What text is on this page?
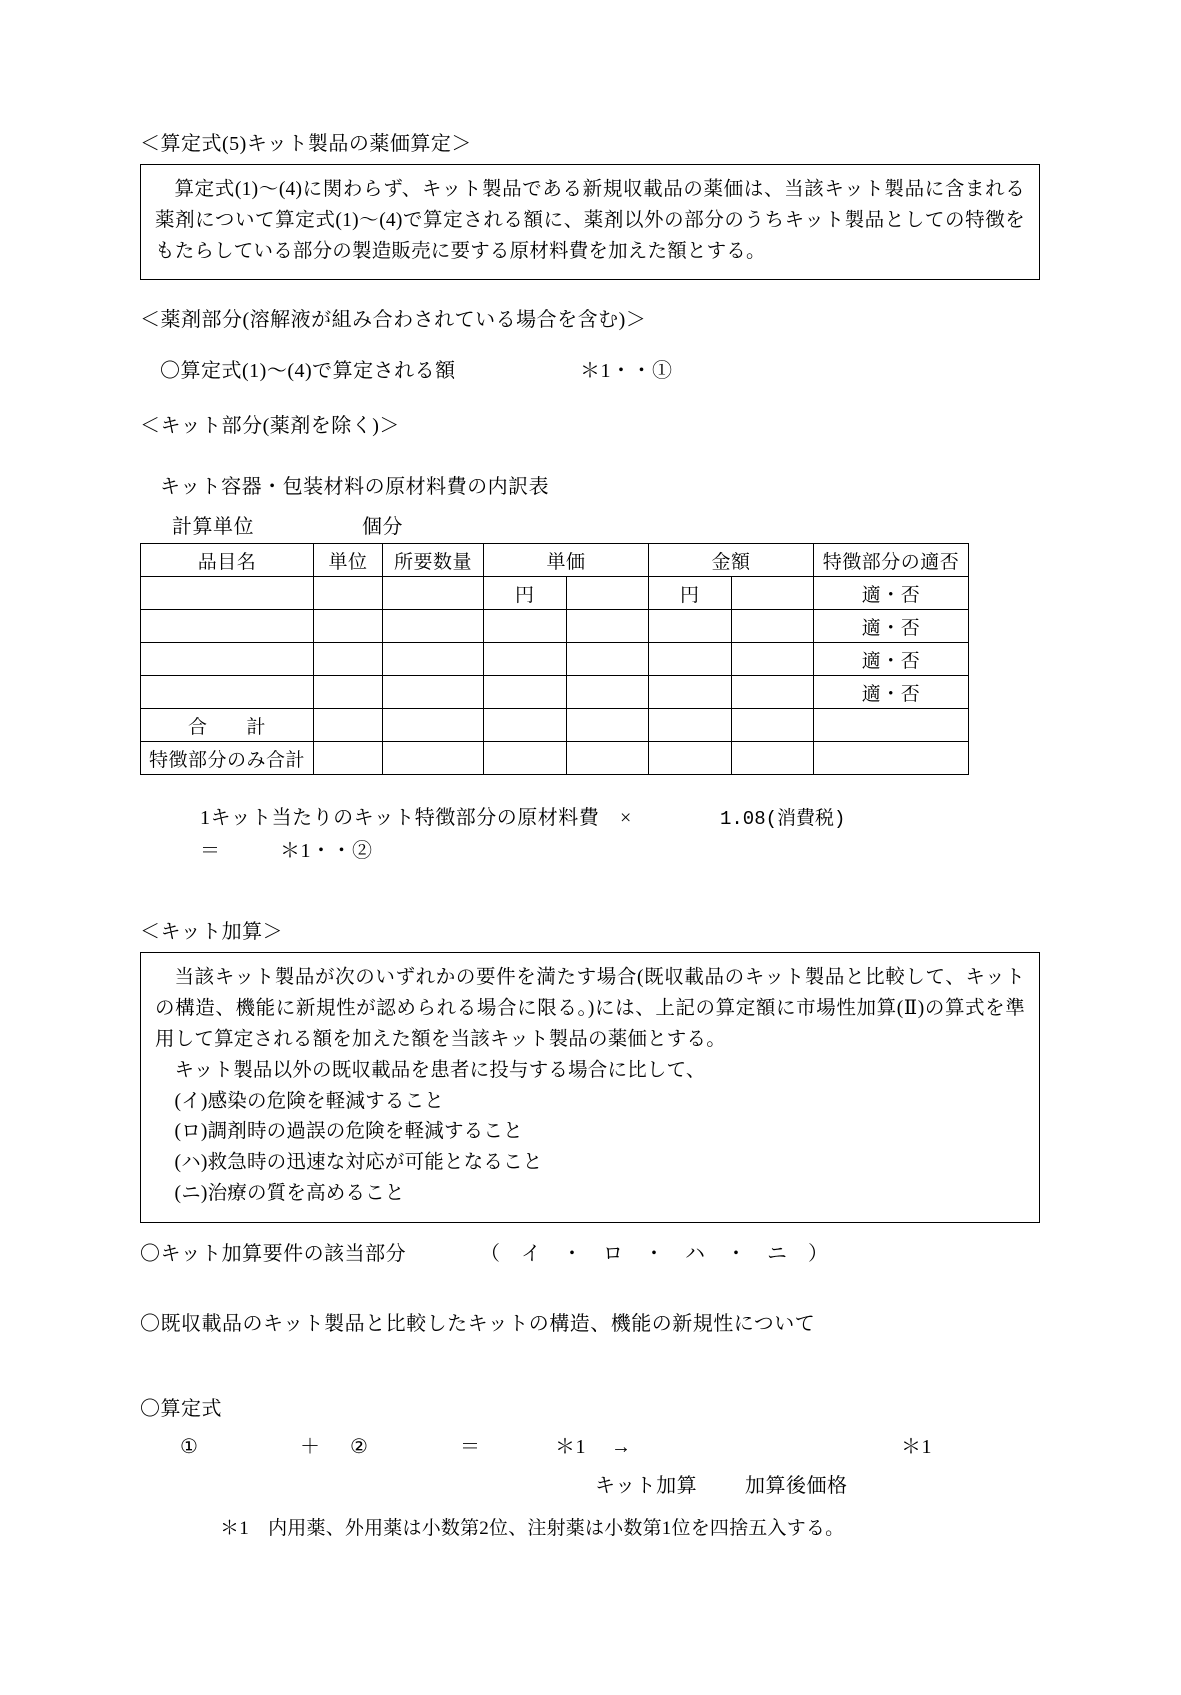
＜算定式(5)キット製品の薬価算定＞

算定式(1)～(4)に関わらず、キット製品である新規収載品の薬価は、当該キット製品に含まれる薬剤について算定式(1)～(4)で算定される額に、薬剤以外の部分のうちキット製品としての特徴をもたらしている部分の製造販売に要する原材料費を加えた額とする。

＜薬剤部分(溶解液が組み合わされている場合を含む)＞
〇算定式(1)～(4)で算定される額	＊1・・①
＜キット部分(薬剤を除く)＞
キット容器・包装材料の原材料費の内訳表
計算単位	個分
品目名	単位	所要数量	単価		金額		特徴部分の適否
			円		円		適・否
							適・否
							適・否
							適・否
合　　計							
特徴部分のみ合計							
1キット当たりのキット特徴部分の原材料費	×	1.08(消費税)
＝	＊1・・②
＜キット加算＞

当該キット製品が次のいずれかの要件を満たす場合(既収載品のキット製品と比較して、キットの構造、機能に新規性が認められる場合に限る。)には、上記の算定額に市場性加算(Ⅱ)の算式を準用して算定される額を加えた額を当該キット製品の薬価とする。

キット製品以外の既収載品を患者に投与する場合に比して、

(イ)感染の危険を軽減すること

(ロ)調剤時の過誤の危険を軽減すること

(ハ)救急時の迅速な対応が可能となること

(ニ)治療の質を高めること

〇キット加算要件の該当部分	（　イ　・　ロ　・　ハ　・　ニ　）
〇既収載品のキット製品と比較したキットの構造、機能の新規性について
〇算定式
①	＋	②	＝	＊1	→	＊1
キット加算	加算後価格
＊1　内用薬、外用薬は小数第2位、注射薬は小数第1位を四捨五入する。
